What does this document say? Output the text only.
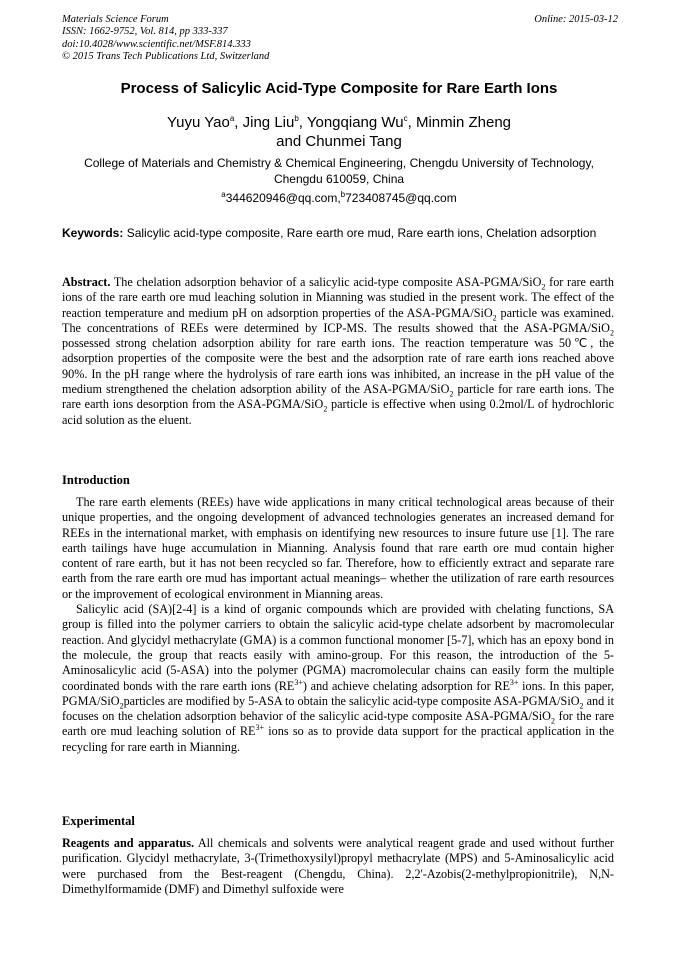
Materials Science Forum
ISSN: 1662-9752, Vol. 814, pp 333-337
doi:10.4028/www.scientific.net/MSF.814.333
© 2015 Trans Tech Publications Ltd, Switzerland
Online: 2015-03-12
Process of Salicylic Acid-Type Composite for Rare Earth Ions
Yuyu Yao$^a$, Jing Liu$^b$, Yongqiang Wu$^c$, Minmin Zheng
and Chunmei Tang
College of Materials and Chemistry & Chemical Engineering, Chengdu University of Technology,
Chengdu 610059, China
$^a$344620946@qq.com,$^b$723408745@qq.com
Keywords: Salicylic acid-type composite, Rare earth ore mud, Rare earth ions, Chelation adsorption
Abstract. The chelation adsorption behavior of a salicylic acid-type composite ASA-PGMA/SiO$_2$ for rare earth ions of the rare earth ore mud leaching solution in Mianning was studied in the present work. The effect of the reaction temperature and medium pH on adsorption properties of the ASA-PGMA/SiO$_2$ particle was examined. The concentrations of REEs were determined by ICP-MS. The results showed that the ASA-PGMA/SiO$_2$ possessed strong chelation adsorption ability for rare earth ions. The reaction temperature was 50℃, the adsorption properties of the composite were the best and the adsorption rate of rare earth ions reached above 90%. In the pH range where the hydrolysis of rare earth ions was inhibited, an increase in the pH value of the medium strengthened the chelation adsorption ability of the ASA-PGMA/SiO$_2$ particle for rare earth ions. The rare earth ions desorption from the ASA-PGMA/SiO$_2$ particle is effective when using 0.2mol/L of hydrochloric acid solution as the eluent.
Introduction

The rare earth elements (REEs) have wide applications in many critical technological areas because of their unique properties, and the ongoing development of advanced technologies generates an increased demand for REEs in the international market, with emphasis on identifying new resources to insure future use [1]. The rare earth tailings have huge accumulation in Mianning. Analysis found that rare earth ore mud contain higher content of rare earth, but it has not been recycled so far. Therefore, how to efficiently extract and separate rare earth from the rare earth ore mud has important actual meanings– whether the utilization of rare earth resources or the improvement of ecological environment in Mianning areas.

Salicylic acid (SA)[2-4] is a kind of organic compounds which are provided with chelating functions, SA group is filled into the polymer carriers to obtain the salicylic acid-type chelate adsorbent by macromolecular reaction. And glycidyl methacrylate (GMA) is a common functional monomer [5-7], which has an epoxy bond in the molecule, the group that reacts easily with amino-group. For this reason, the introduction of the 5-Aminosalicylic acid (5-ASA) into the polymer (PGMA) macromolecular chains can easily form the multiple coordinated bonds with the rare earth ions $(RE^{3+})$ and achieve chelating adsorption for $RE^{3+}$ ions. In this paper, PGMA/SiO$_2$particles are modified by 5-ASA to obtain the salicylic acid-type composite ASA-PGMA/SiO$_2$ and it focuses on the chelation adsorption behavior of the salicylic acid-type composite ASA-PGMA/SiO$_2$ for the rare earth ore mud leaching solution of $RE^{3+}$ ions so as to provide data support for the practical application in the recycling for rare earth in Mianning.

Experimental
Reagents and apparatus. All chemicals and solvents were analytical reagent grade and used without further purification. Glycidyl methacrylate, 3-(Trimethoxysilyl)propyl methacrylate (MPS) and 5-Aminosalicylic acid were purchased from the Best-reagent (Chengdu, China). 2,2'-Azobis(2-methylpropionitrile), N,N-Dimethylformamide (DMF) and Dimethyl sulfoxide were
